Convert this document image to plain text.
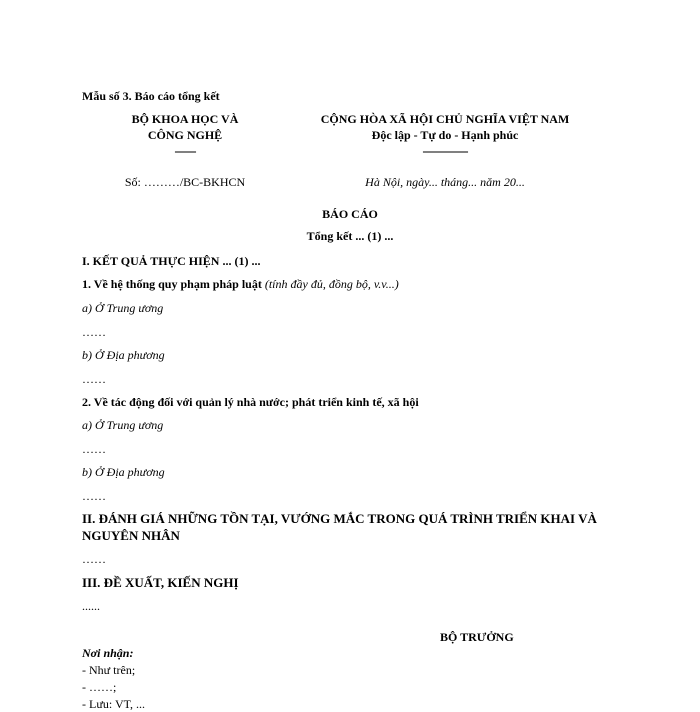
Mẫu số 3. Báo cáo tổng kết
BỘ KHOA HỌC VÀ
CÔNG NGHỆ
-------
CỘNG HÒA XÃ HỘI CHỦ NGHĨA VIỆT NAM
Độc lập - Tự do - Hạnh phúc
---------------
Số: ………/BC-BKHCN	Hà Nội, ngày... tháng... năm 20...
BÁO CÁO
Tổng kết ... (1) ...
I. KẾT QUẢ THỰC HIỆN ... (1) ...
1. Về hệ thống quy phạm pháp luật (tính đầy đủ, đồng bộ, v.v...)
a) Ở Trung ương
……
b) Ở Địa phương
……
2. Về tác động đối với quản lý nhà nước; phát triển kinh tế, xã hội
a) Ở Trung ương
……
b) Ở Địa phương
……
II. ĐÁNH GIÁ NHỮNG TỒN TẠI, VƯỚNG MẮC TRONG QUÁ TRÌNH TRIỂN KHAI VÀ
NGUYÊN NHÂN
……
III. ĐỀ XUẤT, KIẾN NGHỊ
......
BỘ TRƯỞNG
Nơi nhận:
- Như trên;
- ……;
- Lưu: VT, ...
